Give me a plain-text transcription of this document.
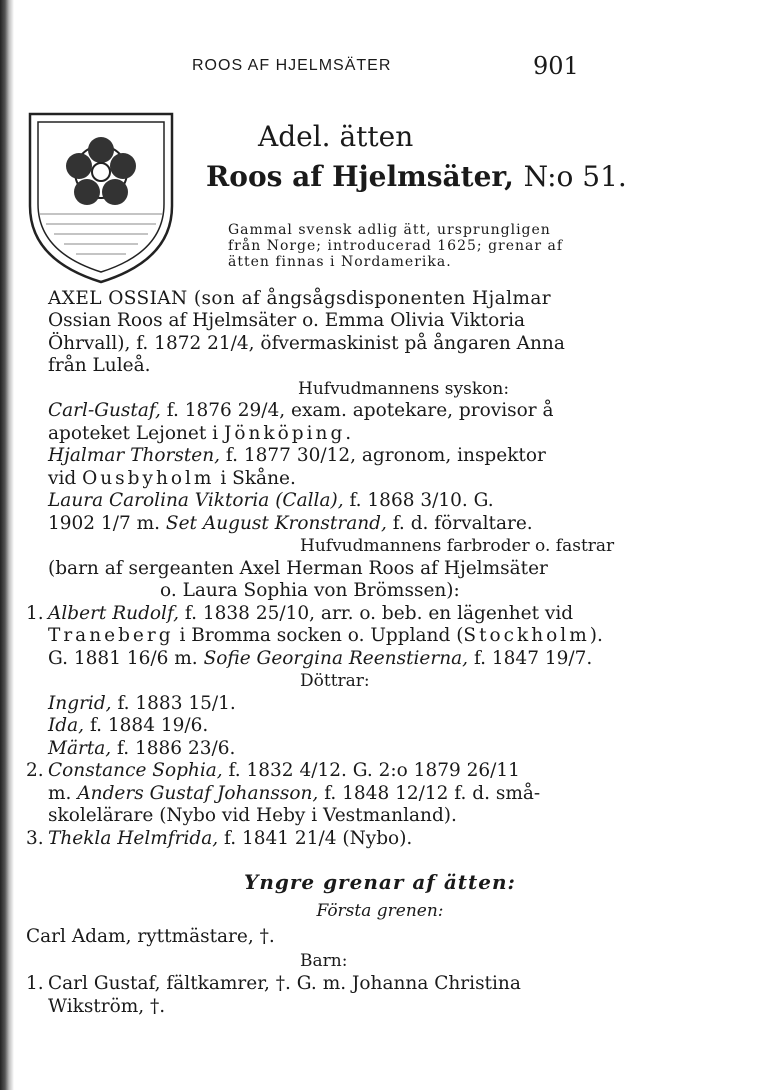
ROOS AF HJELMSÄTER	901
Adel. ätten
Roos af Hjelmsäter, N:o 51.
Gammal svensk adlig ätt, ursprungligen
från Norge; introducerad 1625; grenar af
ätten finnas i Nordamerika.
AXEL OSSIAN (son af ångsågsdisponenten Hjalmar
Ossian Roos af Hjelmsäter o. Emma Olivia Viktoria
Öhrvall), f. 1872 21/4, öfvermaskinist på ångaren Anna
från Luleå.
Hufvudmannens syskon:
Carl-Gustaf, f. 1876 29/4, exam. apotekare, provisor å
apoteket Lejonet i Jönköping.
Hjalmar Thorsten, f. 1877 30/12, agronom, inspektor
vid Ousbyholm i Skåne.
Laura Carolina Viktoria (Calla), f. 1868 3/10. G.
1902 1/7 m. Set August Kronstrand, f. d. förvaltare.
Hufvudmannens farbroder o. fastrar
(barn af sergeanten Axel Herman Roos af Hjelmsäter
o. Laura Sophia von Brömssen):
1. Albert Rudolf, f. 1838 25/10, arr. o. beb. en lägenhet vid
Traneberg i Bromma socken o. Uppland (Stockholm).
G. 1881 16/6 m. Sofie Georgina Reenstierna, f. 1847 19/7.
Döttrar:
Ingrid, f. 1883 15/1.
Ida, f. 1884 19/6.
Märta, f. 1886 23/6.
2. Constance Sophia, f. 1832 4/12. G. 2:o 1879 26/11
m. Anders Gustaf Johansson, f. 1848 12/12 f. d. små-
skolelärare (Nybo vid Heby i Vestmanland).
3. Thekla Helmfrida, f. 1841 21/4 (Nybo).
Yngre grenar af ätten:
Första grenen:
Carl Adam, ryttmästare, †.
Barn:
1. Carl Gustaf, fältkamrer, †. G. m. Johanna Christina
Wikström, †.
